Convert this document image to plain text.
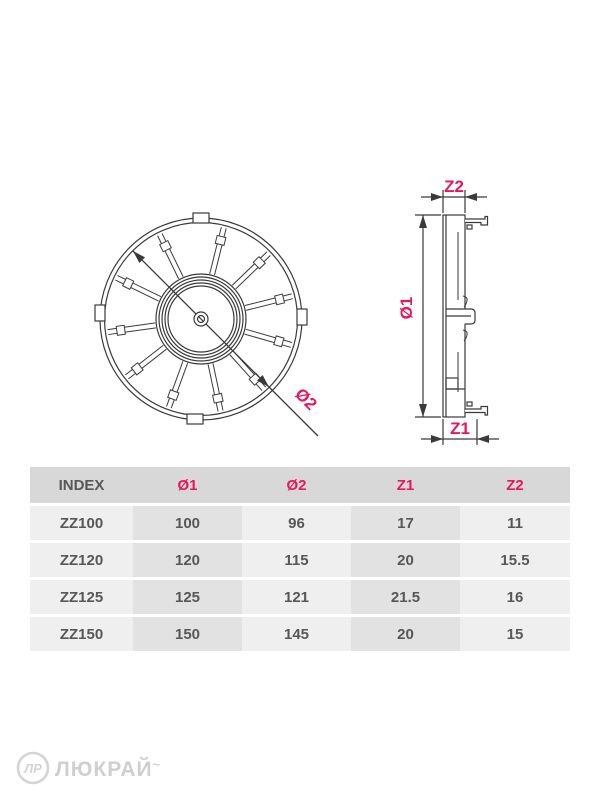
Ø2
Z2
Ø1
Z1
INDEX	Ø1	Ø2	Z1	Z2
ZZ100	100	96	17	11
ZZ120	120	115	20	15.5
ZZ125	125	121	21.5	16
ZZ150	150	145	20	15
ЛР ЛЮКРАЙ ~
